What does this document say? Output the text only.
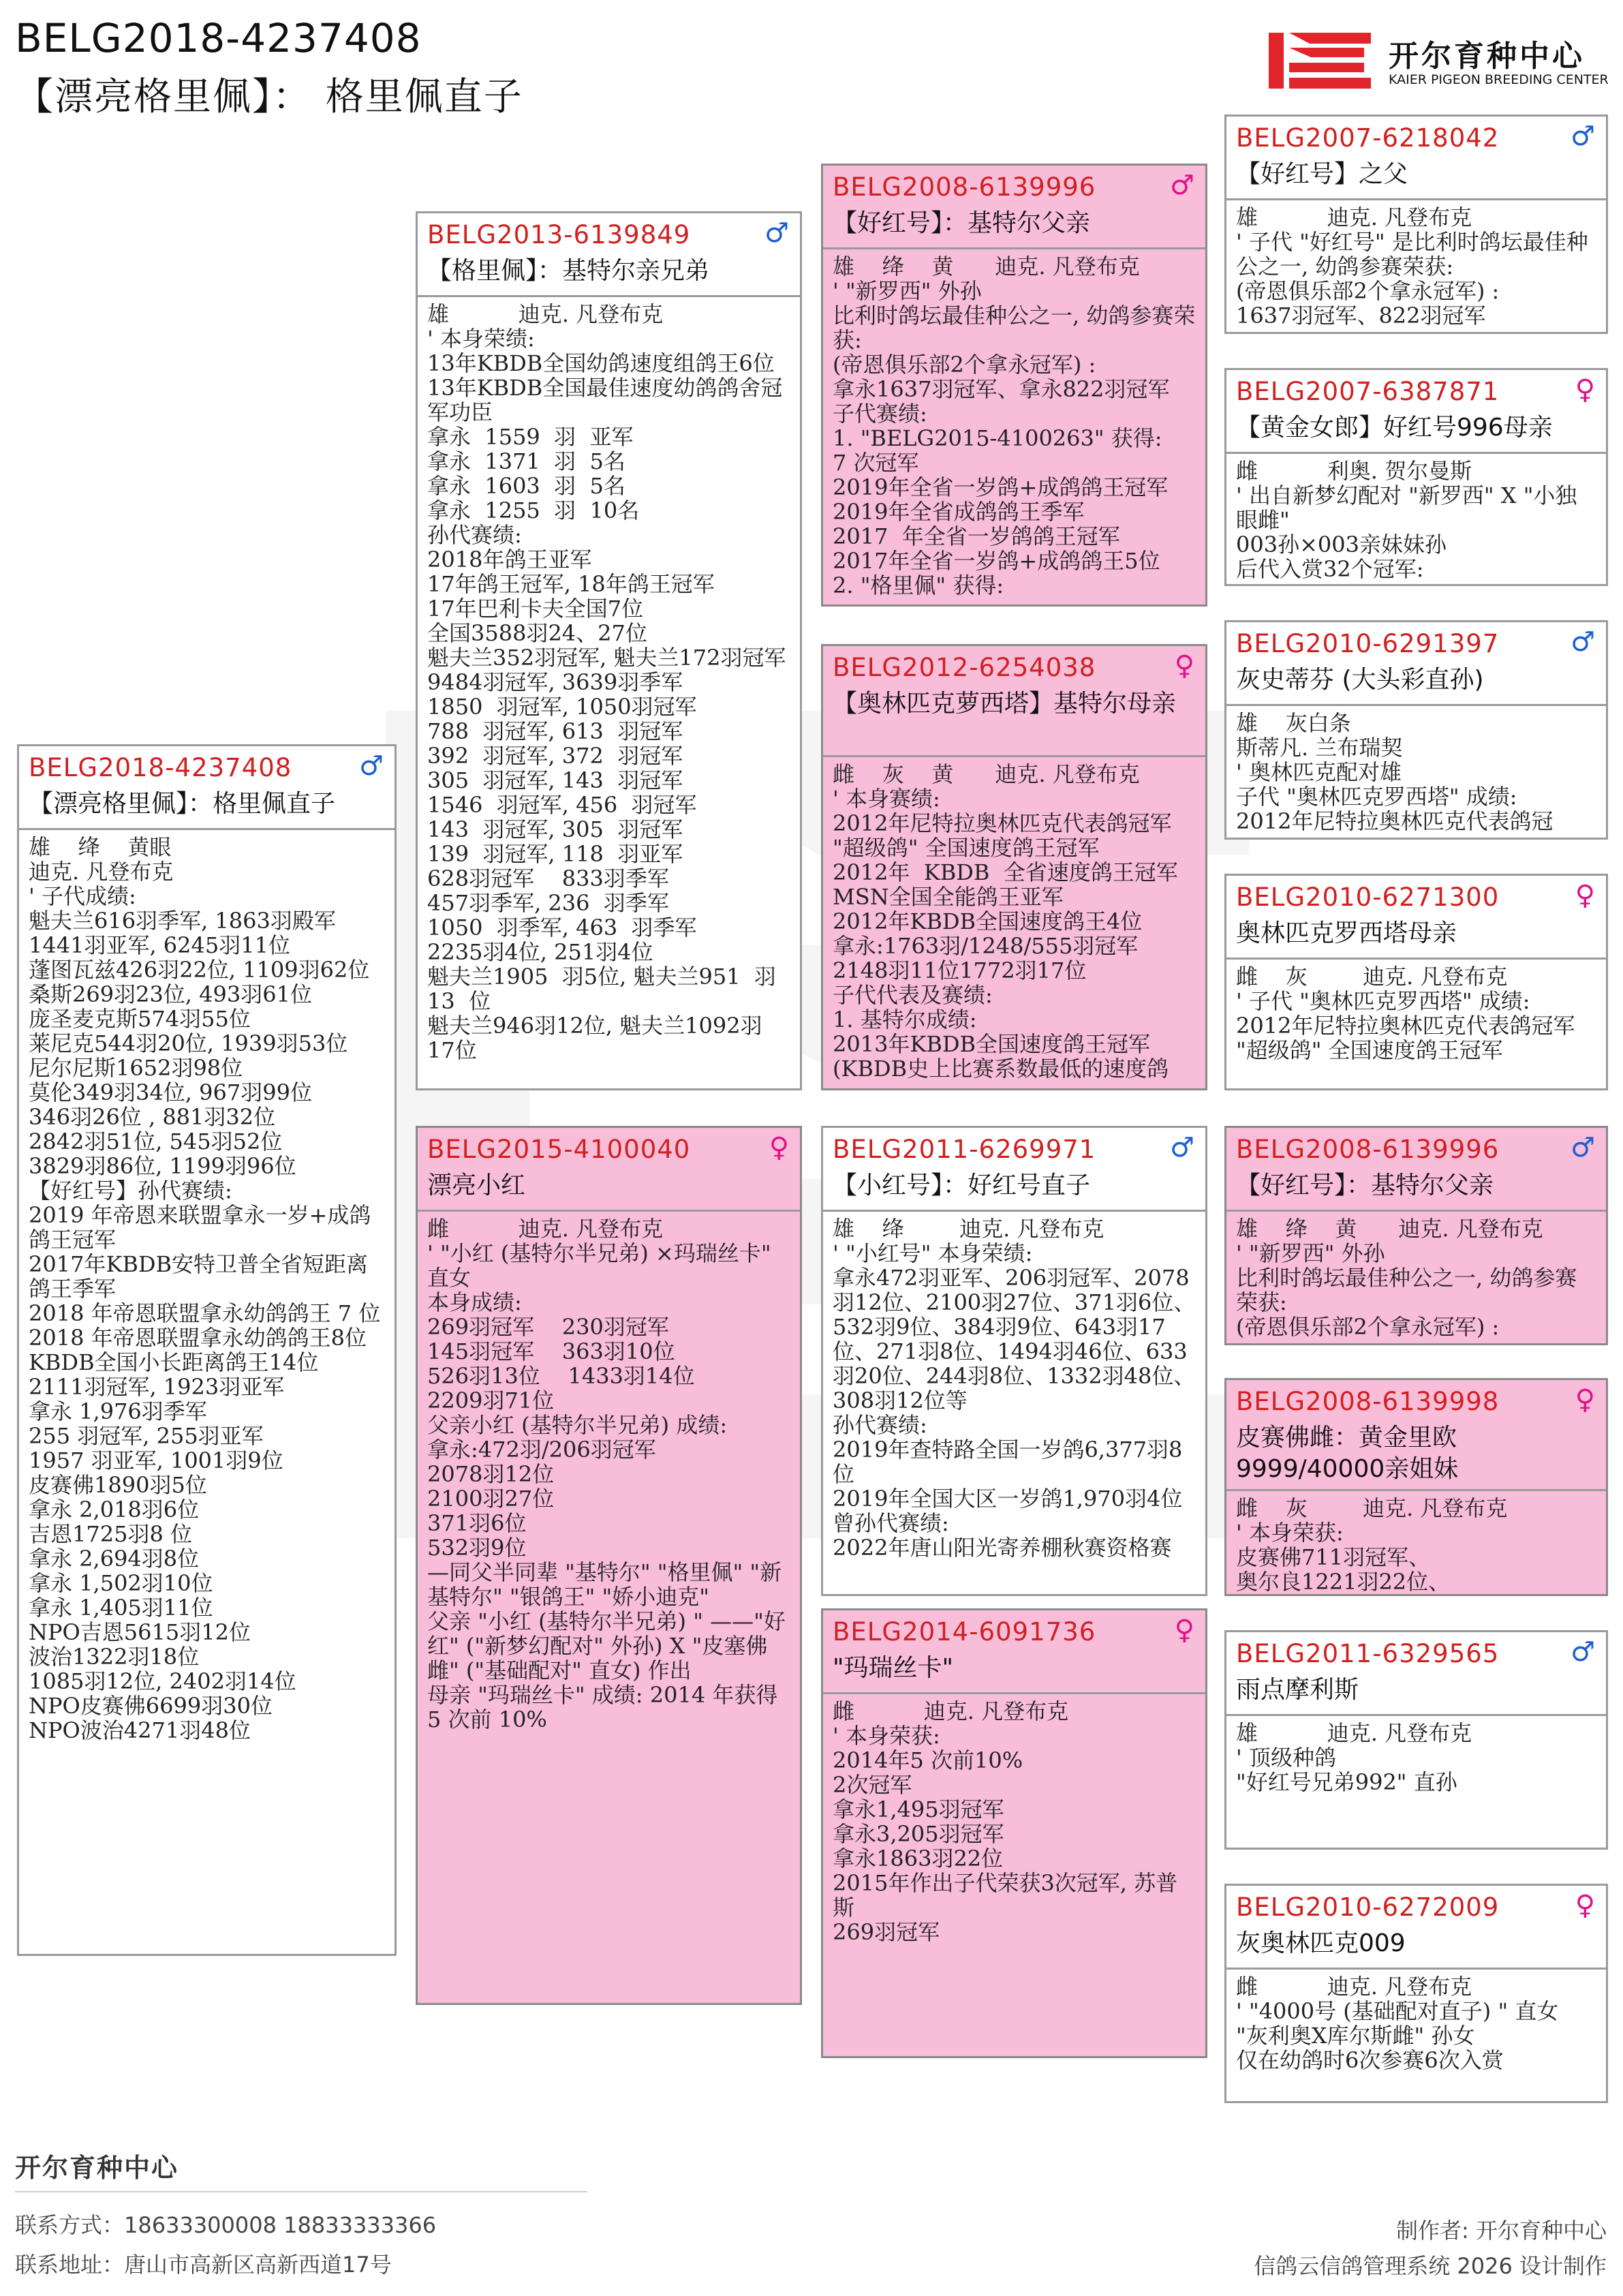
BELG2018-4237408
【漂亮格里佩】： 格里佩直子
开尔育种中心
KAIER PIGEON BREEDING CENTER
BELG2018-4237408 ♂
【漂亮格里佩】：格里佩直子
雄    绛    黄眼
迪克. 凡登布克
' 子代成绩:
魁夫兰616羽季军, 1863羽殿军
1441羽亚军, 6245羽11位
蓬图瓦兹426羽22位, 1109羽62位
桑斯269羽23位, 493羽61位
庞圣麦克斯574羽55位
莱尼克544羽20位, 1939羽53位
尼尔尼斯1652羽98位
莫伦349羽34位, 967羽99位
346羽26位 , 881羽32位
2842羽51位, 545羽52位
3829羽86位, 1199羽96位
【好红号】孙代赛绩:
2019 年帝恩来联盟拿永一岁+成鸽鸽王冠军
2017年KBDB安特卫普全省短距离鸽王季军
2018 年帝恩联盟拿永幼鸽鸽王 7 位
2018 年帝恩联盟拿永幼鸽鸽王8位
KBDB全国小长距离鸽王14位
2111羽冠军, 1923羽亚军
拿永 1,976羽季军
255 羽冠军, 255羽亚军
1957 羽亚军, 1001羽9位
皮赛佛1890羽5位
拿永 2,018羽6位
吉恩1725羽8 位
拿永 2,694羽8位
拿永 1,502羽10位
拿永 1,405羽11位
NPO吉恩5615羽12位
波治1322羽18位
1085羽12位, 2402羽14位
NPO皮赛佛6699羽30位
NPO波治4271羽48位
BELG2013-6139849	♂
【格里佩】：基特尔亲兄弟
雄          迪克. 凡登布克
' 本身荣绩:
13年KBDB全国幼鸽速度组鸽王6位
13年KBDB全国最佳速度幼鸽鸽舍冠军功臣
拿永  1559  羽  亚军
拿永  1371  羽  5名
拿永  1603  羽  5名
拿永  1255  羽  10名
孙代赛绩:
2018年鸽王亚军
17年鸽王冠军, 18年鸽王冠军
17年巴利卡夫全国7位
全国3588羽24、27位
魁夫兰352羽冠军, 魁夫兰172羽冠军
9484羽冠军, 3639羽季军
1850  羽冠军, 1050羽冠军
788  羽冠军, 613  羽冠军
392  羽冠军, 372  羽冠军
305  羽冠军, 143  羽冠军
1546  羽冠军, 456  羽冠军
143  羽冠军, 305  羽冠军
139  羽冠军, 118  羽亚军
628羽冠军    833羽季军
457羽季军, 236  羽季军
1050  羽季军, 463  羽季军
2235羽4位, 251羽4位
魁夫兰1905  羽5位, 魁夫兰951  羽 13  位
魁夫兰946羽12位, 魁夫兰1092羽 17位
BELG2015-4100040	♀
漂亮小红
雌          迪克. 凡登布克
' "小红 (基特尔半兄弟) ×玛瑞丝卡" 直女
本身成绩:
269羽冠军    230羽冠军
145羽冠军    363羽10位
526羽13位    1433羽14位
2209羽71位
父亲小红 (基特尔半兄弟) 成绩:
拿永:472羽/206羽冠军
2078羽12位
2100羽27位
371羽6位
532羽9位
—同父半同辈 "基特尔" "格里佩" "新基特尔" "银鸽王" "娇小迪克"
父亲 "小红 (基特尔半兄弟) " ——"好红" ("新梦幻配对" 外孙) X "皮塞佛雌" ("基础配对" 直女) 作出
母亲 "玛瑞丝卡" 成绩: 2014 年获得 5 次前 10%
BELG2008-6139996	♂
【好红号】：基特尔父亲
雄    绛    黄      迪克. 凡登布克
' "新罗西" 外孙
比利时鸽坛最佳种公之一, 幼鸽参赛荣获:
(帝恩俱乐部2个拿永冠军) :
拿永1637羽冠军、拿永822羽冠军
子代赛绩:
1. "BELG2015-4100263" 获得:
7 次冠军
2019年全省一岁鸽+成鸽鸽王冠军
2019年全省成鸽鸽王季军
2017  年全省一岁鸽鸽王冠军
2017年全省一岁鸽+成鸽鸽王5位
2. "格里佩" 获得:
BELG2012-6254038	♀
【奥林匹克萝西塔】基特尔母亲
雌    灰    黄      迪克. 凡登布克
' 本身赛绩:
2012年尼特拉奥林匹克代表鸽冠军
"超级鸽" 全国速度鸽王冠军
2012年  KBDB  全省速度鸽王冠军
MSN全国全能鸽王亚军
2012年KBDB全国速度鸽王4位
拿永:1763羽/1248/555羽冠军
2148羽11位1772羽17位
子代代表及赛绩:
1. 基特尔成绩:
2013年KBDB全国速度鸽王冠军
(KBDB史上比赛系数最低的速度鸽
BELG2011-6269971	♂
【小红号】：好红号直子
雄    绛        迪克. 凡登布克
' "小红号" 本身荣绩:
拿永472羽亚军、206羽冠军、2078羽12位、2100羽27位、371羽6位、532羽9位、384羽9位、643羽17位、271羽8位、1494羽46位、633羽20位、244羽8位、1332羽48位、308羽12位等
孙代赛绩:
2019年查特路全国一岁鸽6,377羽8位
2019年全国大区一岁鸽1,970羽4位
曾孙代赛绩:
2022年唐山阳光寄养棚秋赛资格赛
BELG2014-6091736	♀
"玛瑞丝卡"
雌          迪克. 凡登布克
' 本身荣获:
2014年5 次前10%
2次冠军
拿永1,495羽冠军
拿永3,205羽冠军
拿永1863羽22位
2015年作出子代荣获3次冠军, 苏普斯
269羽冠军
BELG2007-6218042	♂
【好红号】之父
雄          迪克. 凡登布克
' 子代 "好红号" 是比利时鸽坛最佳种公之一, 幼鸽参赛荣获:
(帝恩俱乐部2个拿永冠军) :
1637羽冠军、822羽冠军
BELG2007-6387871	♀
【黄金女郎】好红号996母亲
雌          利奥. 贺尔曼斯
' 出自新梦幻配对 "新罗西" X "小独眼雌"
003孙×003亲妹妹孙
后代入赏32个冠军:
BELG2010-6291397	♂
灰史蒂芬 (大头彩直孙)
雄    灰白条
斯蒂凡. 兰布瑞契
' 奥林匹克配对雄
子代 "奥林匹克罗西塔" 成绩:
2012年尼特拉奥林匹克代表鸽冠
BELG2010-6271300	♀
奥林匹克罗西塔母亲
雌    灰        迪克. 凡登布克
' 子代 "奥林匹克罗西塔" 成绩:
2012年尼特拉奥林匹克代表鸽冠军
"超级鸽" 全国速度鸽王冠军
BELG2008-6139996	♂
【好红号】：基特尔父亲
雄    绛    黄      迪克. 凡登布克
' "新罗西" 外孙
比利时鸽坛最佳种公之一, 幼鸽参赛荣获:
(帝恩俱乐部2个拿永冠军) :
BELG2008-6139998	♀
皮赛佛雌：黄金里欧9999/40000亲姐妹
雌    灰        迪克. 凡登布克
' 本身荣获:
皮赛佛711羽冠军、
奥尔良1221羽22位、
BELG2011-6329565	♂
雨点摩利斯
雄          迪克. 凡登布克
' 顶级种鸽
"好红号兄弟992" 直孙
BELG2010-6272009	♀
灰奥林匹克009
雌          迪克. 凡登布克
' "4000号 (基础配对直子) " 直女
"灰利奥X库尔斯雌" 孙女
仅在幼鸽时6次参赛6次入赏
开尔育种中心
联系方式：18633300008 18833333366
联系地址：唐山市高新区高新西道17号
制作者: 开尔育种中心
信鸽云信鸽管理系统 2026 设计制作
